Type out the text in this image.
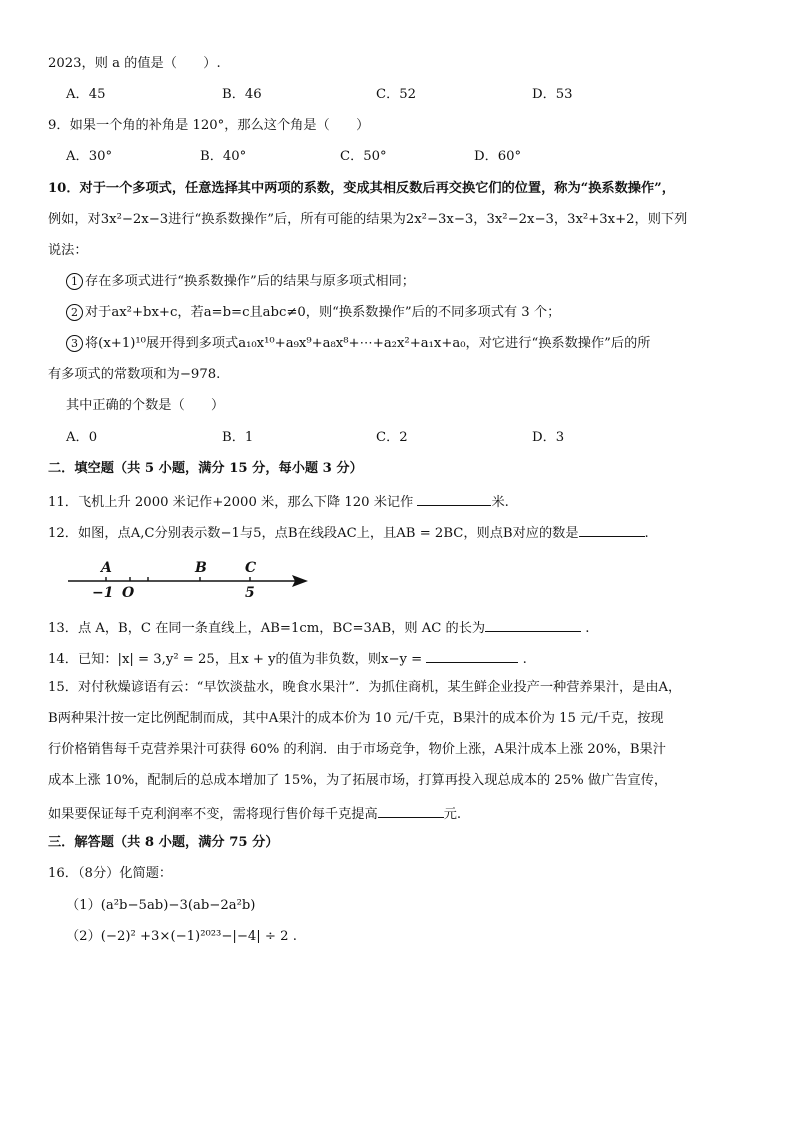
2023，则 a 的值是（　　）.
A．45	B．46	C．52	D．53
9．如果一个角的补角是 120°，那么这个角是（　　）
A．30°	B．40°	C．50°	D．60°
10．对于一个多项式，任意选择其中两项的系数，变成其相反数后再交换它们的位置，称为“换系数操作”，
例如，对3x²−2x−3进行“换系数操作”后，所有可能的结果为2x²−3x−3，3x²−2x−3，3x²+3x+2，则下列
说法：
1 存在多项式进行“换系数操作”后的结果与原多项式相同；
2 对于ax²+bx+c，若a=b=c且abc≠0，则“换系数操作”后的不同多项式有 3 个；
3 将(x+1)¹⁰展开得到多项式a₁₀x¹⁰+a₉x⁹+a₈x⁸+⋯+a₂x²+a₁x+a₀，对它进行“换系数操作”后的所
有多项式的常数项和为−978.
其中正确的个数是（　　）
A．0	B．1	C．2	D．3
二．填空题（共 5 小题，满分 15 分，每小题 3 分）
11．飞机上升 2000 米记作+2000 米，那么下降 120 米记作	米.
12．如图，点A,C分别表示数−1与5，点B在线段AC上，且AB = 2BC，则点B对应的数是	.
A	B	C
−1 O	5
13．点 A，B，C 在同一条直线上，AB=1cm，BC=3AB，则 AC 的长为	.
14．已知：|x| = 3,y² = 25，且x + y的值为非负数，则x−y =	.
15．对付秋燥谚语有云：“早饮淡盐水，晚食水果汁”．为抓住商机，某生鲜企业投产一种营养果汁，是由A，
B两种果汁按一定比例配制而成，其中A果汁的成本价为 10 元/千克，B果汁的成本价为 15 元/千克，按现
行价格销售每千克营养果汁可获得 60% 的利润．由于市场竞争，物价上涨，A果汁成本上涨 20%，B果汁
成本上涨 10%，配制后的总成本增加了 15%，为了拓展市场，打算再投入现总成本的 25% 做广告宣传，
如果要保证每千克利润率不变，需将现行售价每千克提高	元.
三．解答题（共 8 小题，满分 75 分）
16．（8分）化简题：
（1）(a²b−5ab)−3(ab−2a²b)
（2）(−2)² +3×(−1)²⁰²³−|−4| ÷ 2 .
